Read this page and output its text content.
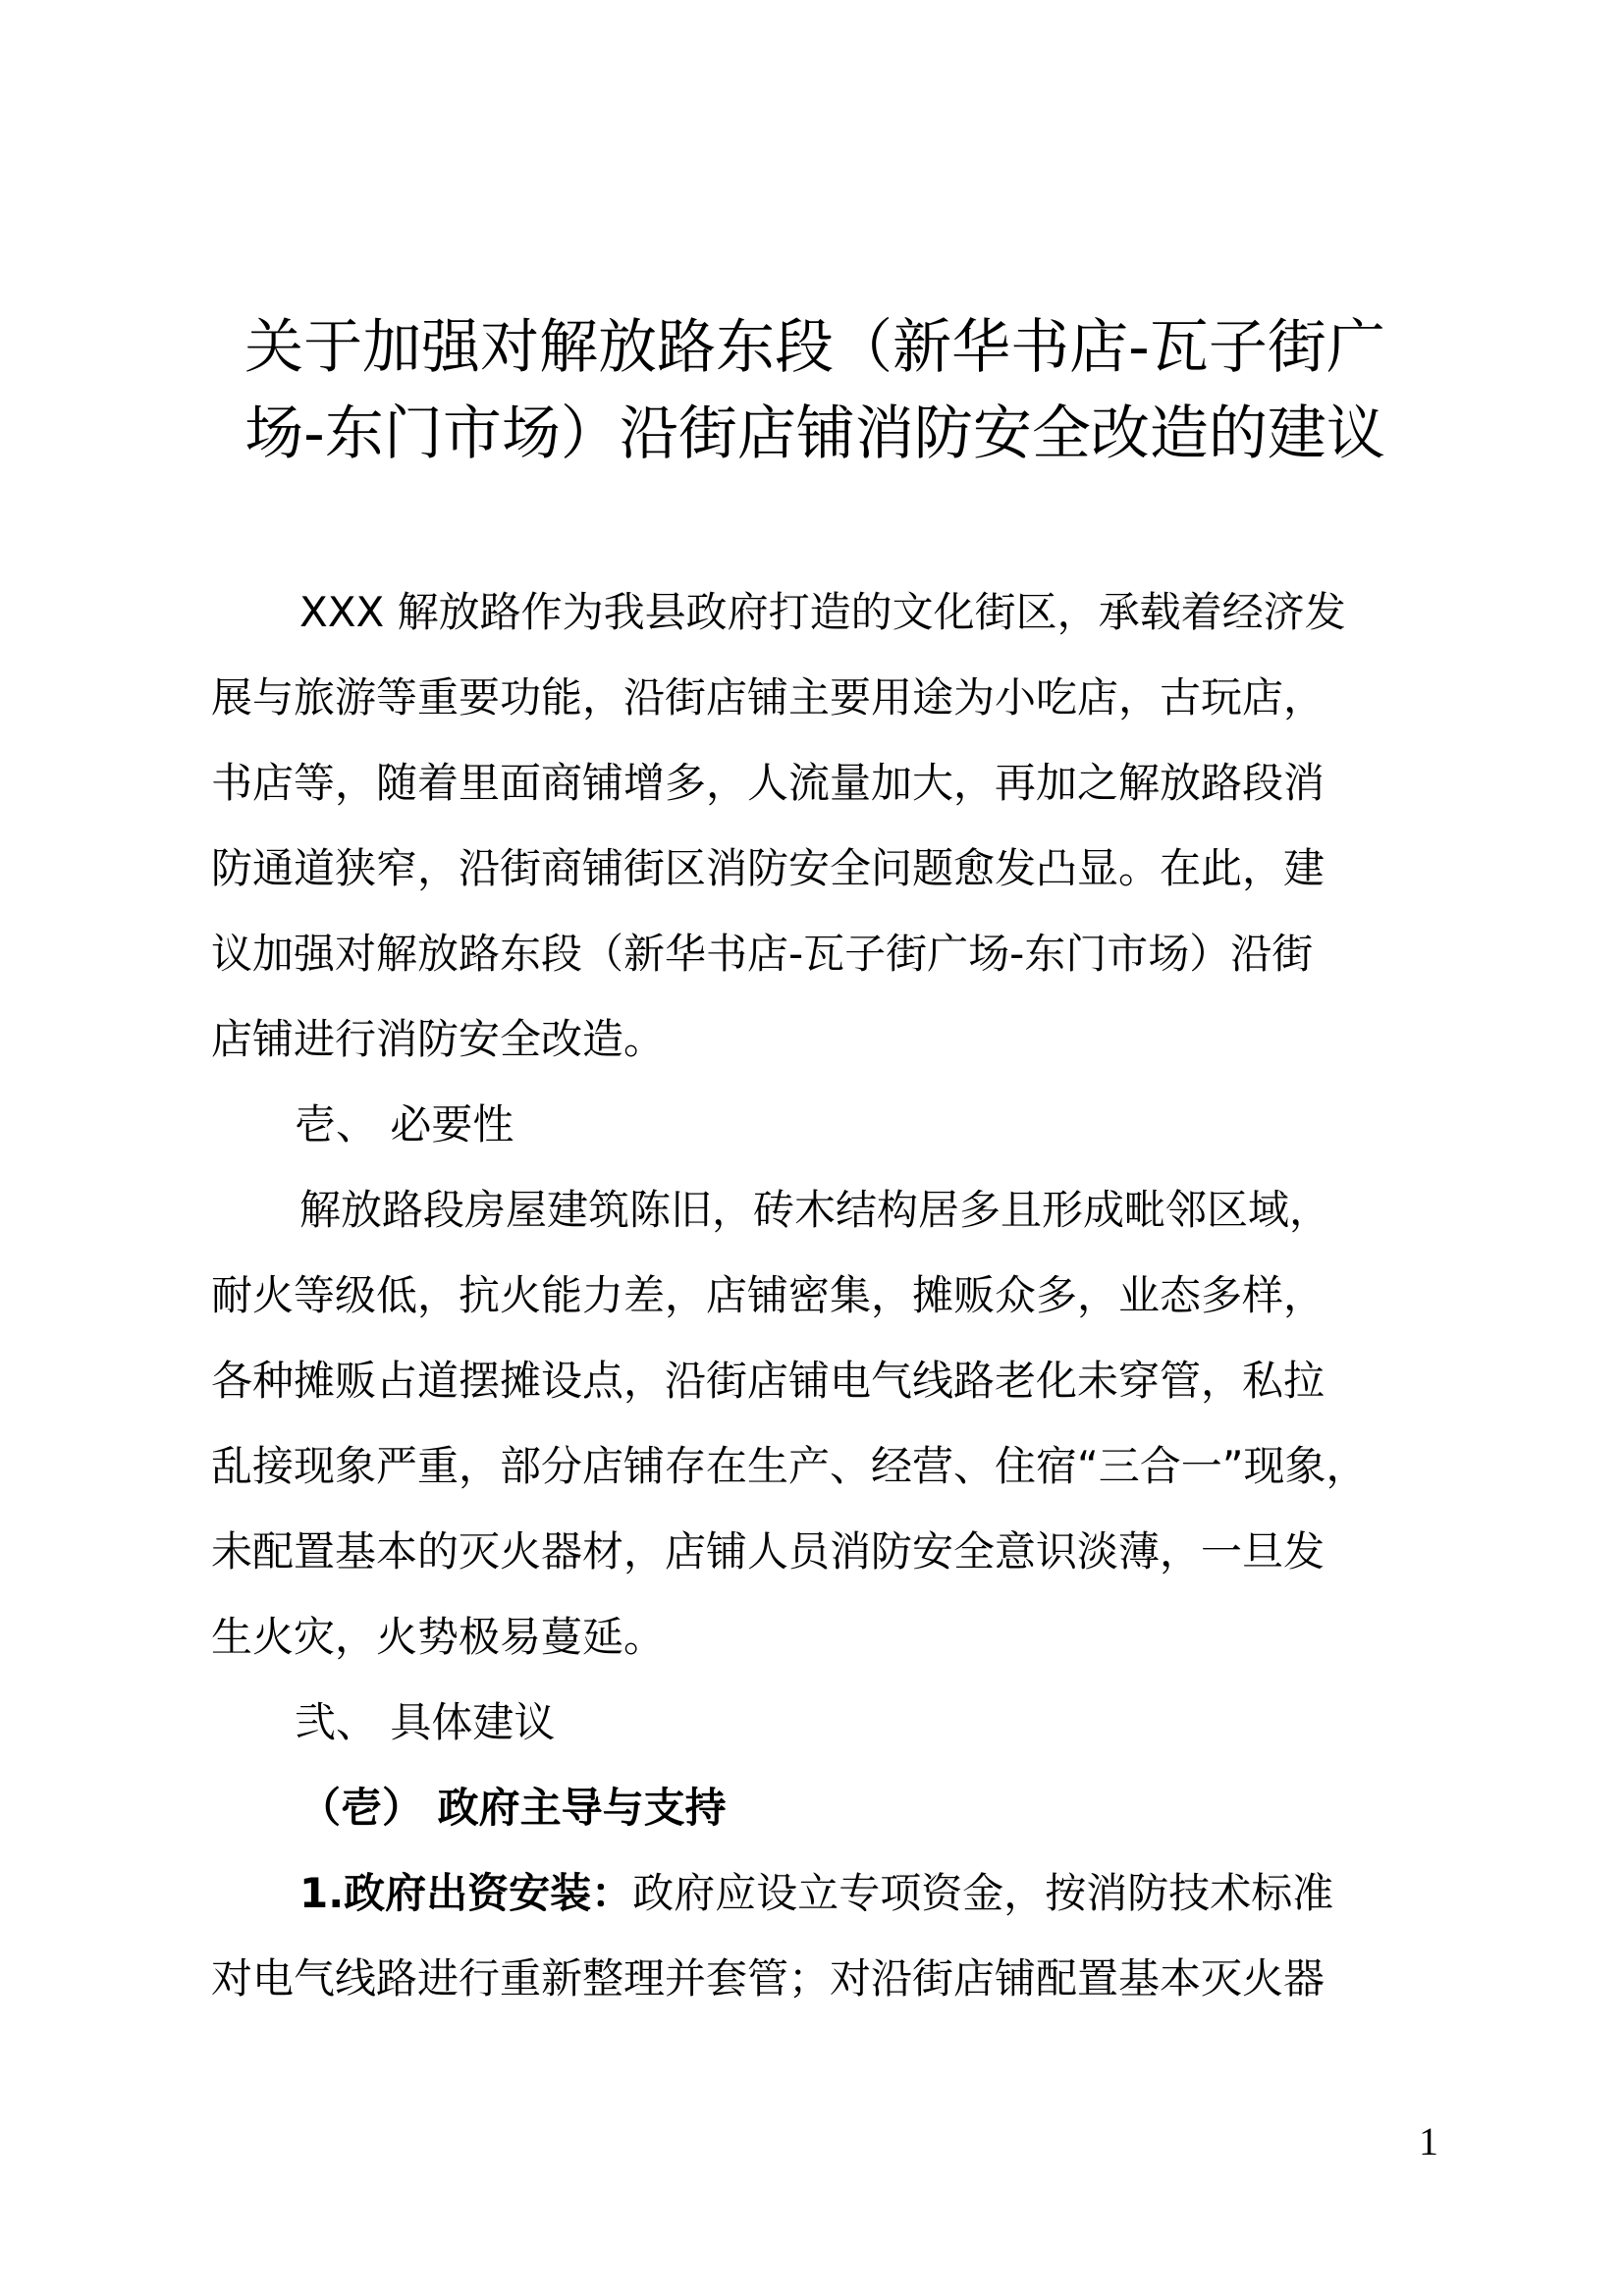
关于加强对解放路东段（新华书店-瓦子街广
场-东门市场）沿街店铺消防安全改造的建议
XXX 解放路作为我县政府打造的文化街区，承载着经济发
展与旅游等重要功能，沿街店铺主要用途为小吃店，古玩店，
书店等，随着里面商铺增多，人流量加大，再加之解放路段消
防通道狭窄，沿街商铺街区消防安全问题愈发凸显。在此，建
议加强对解放路东段（新华书店-瓦子街广场-东门市场）沿街
店铺进行消防安全改造。
壱、 必要性
解放路段房屋建筑陈旧，砖木结构居多且形成毗邻区域，
耐火等级低，抗火能力差，店铺密集，摊贩众多，业态多样，
各种摊贩占道摆摊设点，沿街店铺电气线路老化未穿管，私拉
乱接现象严重，部分店铺存在生产、经营、住宿“三合一”现象，
未配置基本的灭火器材，店铺人员消防安全意识淡薄，一旦发
生火灾，火势极易蔓延。
弐、 具体建议
（壱） 政府主导与支持
1.政府出资安装：政府应设立专项资金，按消防技术标准
对电气线路进行重新整理并套管；对沿街店铺配置基本灭火器
1
